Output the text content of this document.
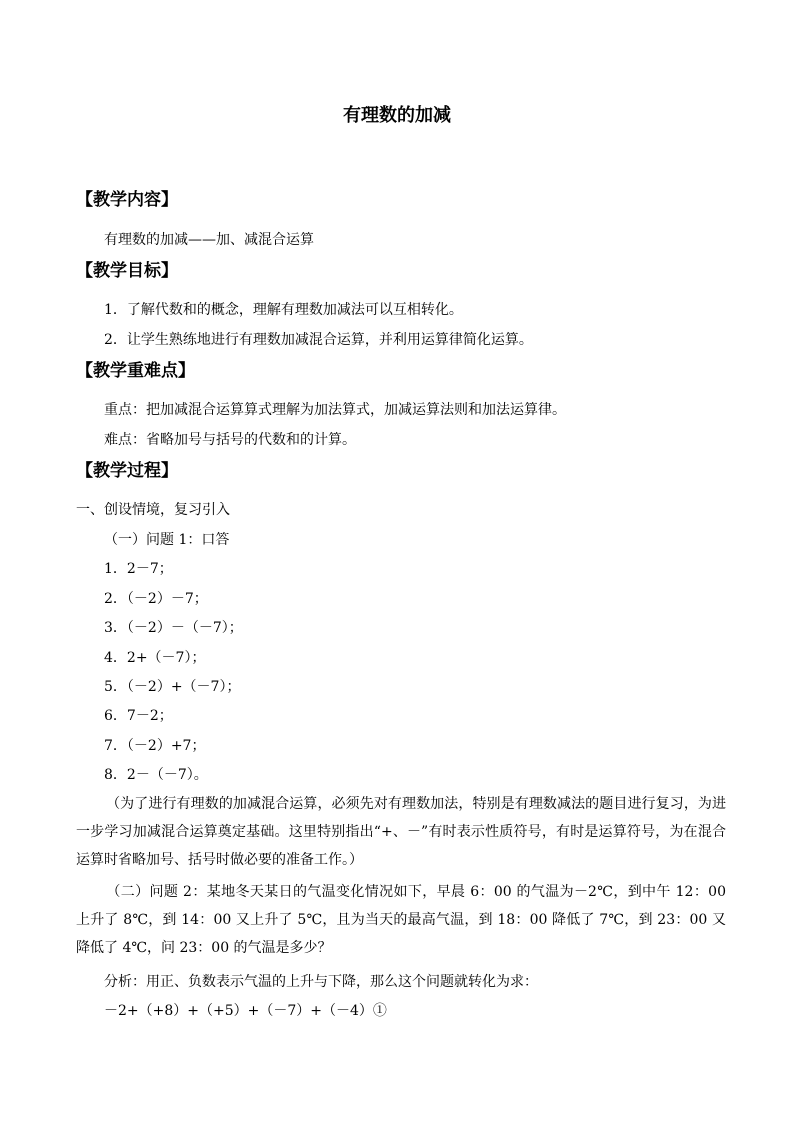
有理数的加减
【教学内容】
有理数的加减——加、减混合运算
【教学目标】
1．了解代数和的概念，理解有理数加减法可以互相转化。
2．让学生熟练地进行有理数加减混合运算，并利用运算律简化运算。
【教学重难点】
重点：把加减混合运算算式理解为加法算式，加减运算法则和加法运算律。
难点：省略加号与括号的代数和的计算。
【教学过程】
一、创设情境，复习引入
（一）问题 1：口答
1．2－7；
2．（－2）－7；
3．（－2）－（－7）；
4．2+（－7）；
5．（－2）+（－7）；
6．7－2；
7．（－2）+7；
8．2－（－7）。
（为了进行有理数的加减混合运算，必须先对有理数加法，特别是有理数减法的题目进行复习，为进一步学习加减混合运算奠定基础。这里特别指出“+、－”有时表示性质符号，有时是运算符号，为在混合运算时省略加号、括号时做必要的准备工作。）
（二）问题 2：某地冬天某日的气温变化情况如下，早晨 6：00 的气温为－2℃，到中午 12：00 上升了 8℃，到 14：00 又上升了 5℃，且为当天的最高气温，到 18：00 降低了 7℃，到 23：00 又降低了 4℃，问 23：00 的气温是多少？
分析：用正、负数表示气温的上升与下降，那么这个问题就转化为求：
－2+（+8）+（+5）+（－7）+（－4）①
